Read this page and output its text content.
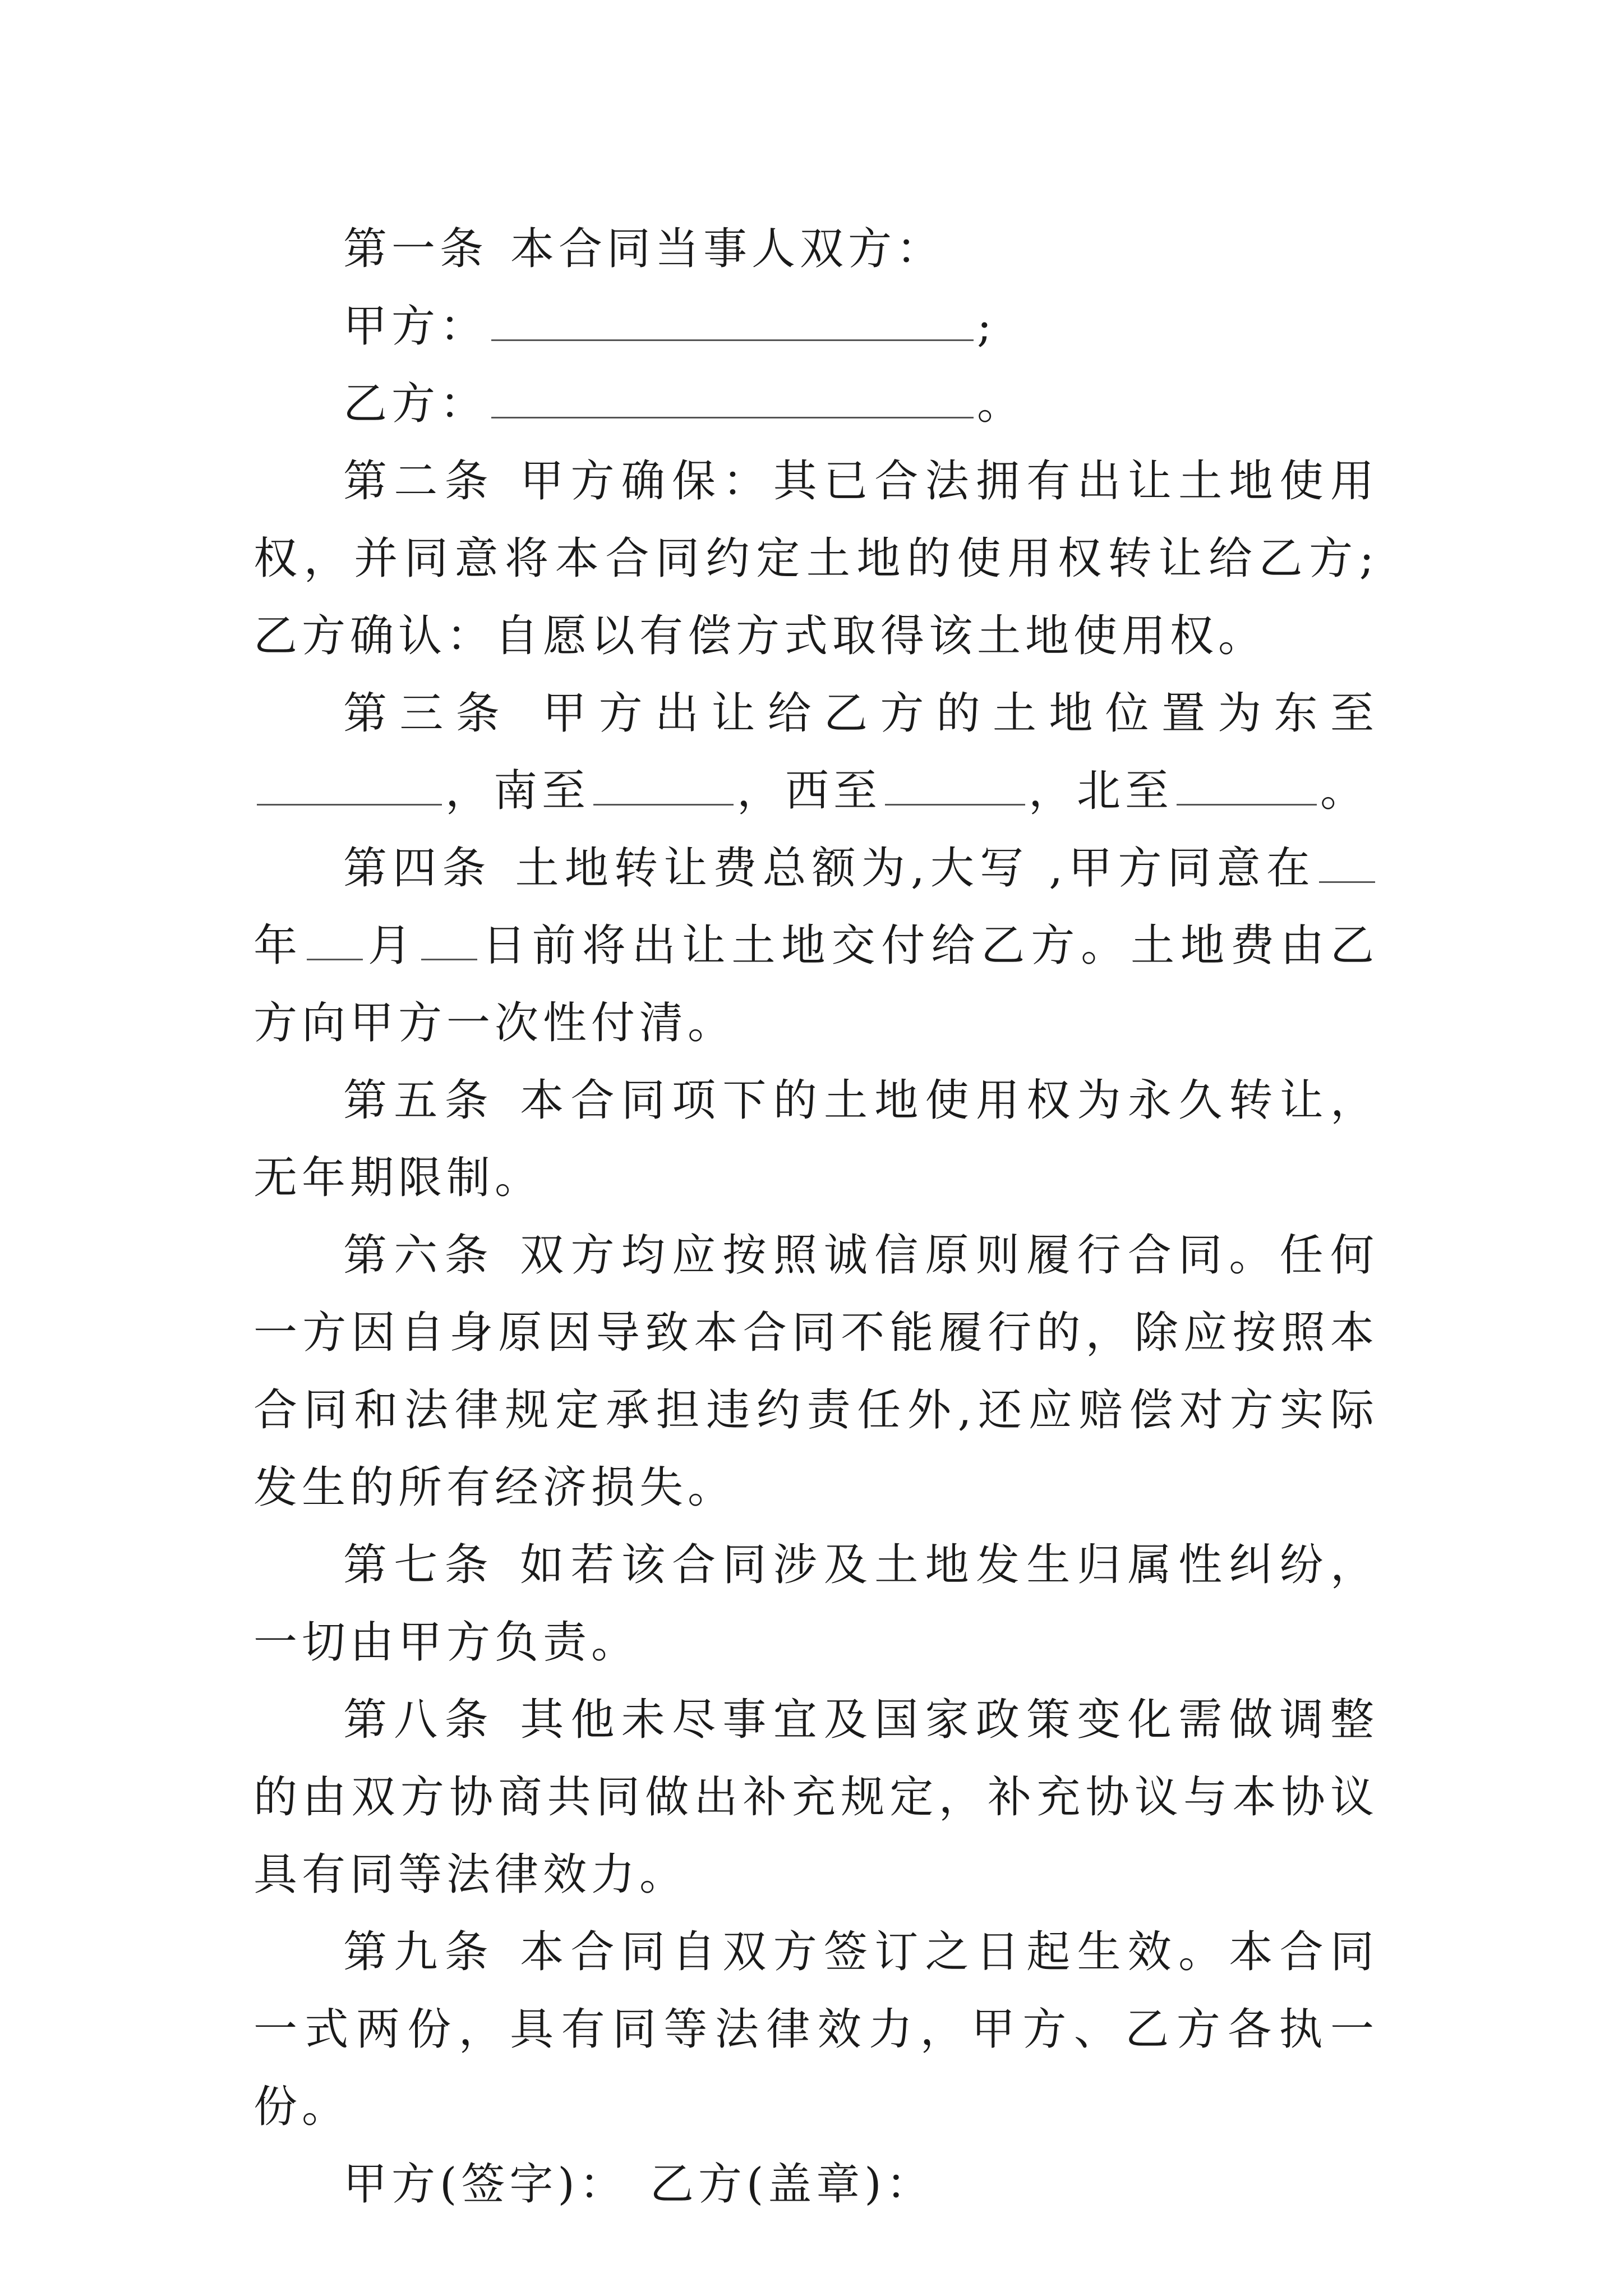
第一条 本合同当事人双方：

甲方：	;

乙方：	。

第二条 甲方确保：其已合法拥有出让土地使用权，并同意将本合同约定土地的使用权转让给乙方;乙方确认：自愿以有偿方式取得该土地使用权。

第三条 甲方出让给乙方的土地位置为东至，南至	，西至	，北至	。

第四条 土地转让费总额为,大写 ,甲方同意在年 月 日前将出让土地交付给乙方。土地费由乙方向甲方一次性付清。

第五条 本合同项下的土地使用权为永久转让，无年期限制。

第六条 双方均应按照诚信原则履行合同。任何一方因自身原因导致本合同不能履行的，除应按照本合同和法律规定承担违约责任外,还应赔偿对方实际发生的所有经济损失。

第七条 如若该合同涉及土地发生归属性纠纷，一切由甲方负责。

第八条 其他未尽事宜及国家政策变化需做调整的由双方协商共同做出补充规定，补充协议与本协议具有同等法律效力。

第九条 本合同自双方签订之日起生效。本合同一式两份，具有同等法律效力，甲方、乙方各执一份。

甲方(签字)： 乙方(盖章)：
